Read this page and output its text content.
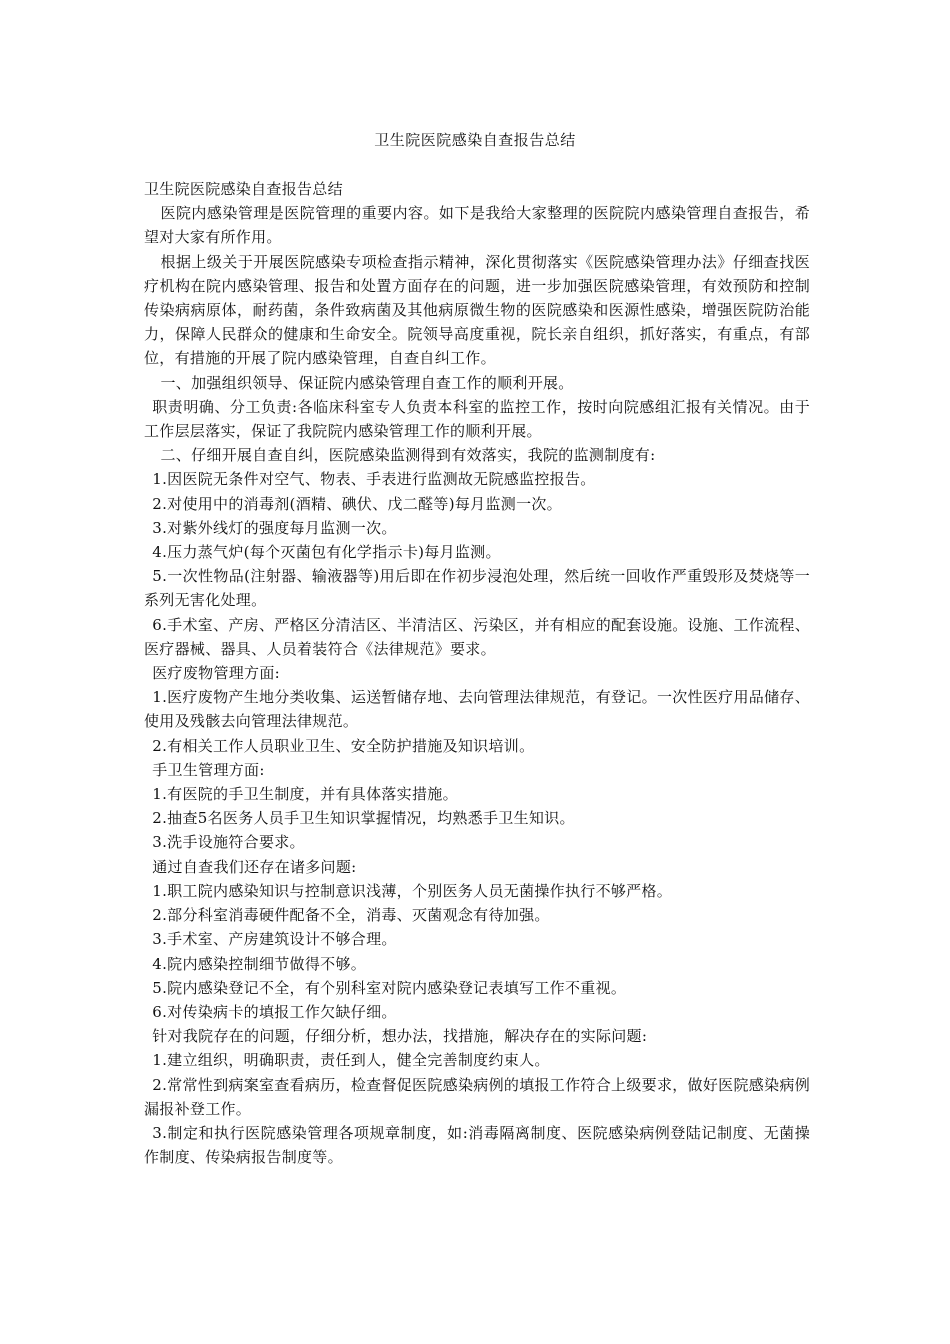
卫生院医院感染自查报告总结

卫生院医院感染自查报告总结

医院内感染管理是医院管理的重要内容。如下是我给大家整理的医院院内感染管理自查报告，希望对大家有所作用。

根据上级关于开展医院感染专项检查指示精神，深化贯彻落实《医院感染管理办法》仔细查找医疗机构在院内感染管理、报告和处置方面存在的问题，进一步加强医院感染管理，有效预防和控制传染病病原体，耐药菌，条件致病菌及其他病原微生物的医院感染和医源性感染，增强医院防治能力，保障人民群众的健康和生命安全。院领导高度重视，院长亲自组织，抓好落实，有重点，有部位，有措施的开展了院内感染管理，自查自纠工作。

一、加强组织领导、保证院内感染管理自查工作的顺利开展。

职责明确、分工负责:各临床科室专人负责本科室的监控工作，按时向院感组汇报有关情况。由于工作层层落实，保证了我院院内感染管理工作的顺利开展。

二、仔细开展自查自纠，医院感染监测得到有效落实，我院的监测制度有:

1.因医院无条件对空气、物表、手表进行监测故无院感监控报告。

2.对使用中的消毒剂(酒精、碘伏、戊二醛等)每月监测一次。

3.对紫外线灯的强度每月监测一次。

4.压力蒸气炉(每个灭菌包有化学指示卡)每月监测。

5.一次性物品(注射器、输液器等)用后即在作初步浸泡处理，然后统一回收作严重毁形及焚烧等一系列无害化处理。

6.手术室、产房、严格区分清洁区、半清洁区、污染区，并有相应的配套设施。设施、工作流程、医疗器械、器具、人员着装符合《法律规范》要求。

医疗废物管理方面:

1.医疗废物产生地分类收集、运送暂储存地、去向管理法律规范，有登记。一次性医疗用品储存、使用及残骸去向管理法律规范。

2.有相关工作人员职业卫生、安全防护措施及知识培训。

手卫生管理方面:

1.有医院的手卫生制度，并有具体落实措施。

2.抽查5名医务人员手卫生知识掌握情况，均熟悉手卫生知识。

3.洗手设施符合要求。

通过自查我们还存在诸多问题:

1.职工院内感染知识与控制意识浅薄，个别医务人员无菌操作执行不够严格。

2.部分科室消毒硬件配备不全，消毒、灭菌观念有待加强。

3.手术室、产房建筑设计不够合理。

4.院内感染控制细节做得不够。

5.院内感染登记不全，有个别科室对院内感染登记表填写工作不重视。

6.对传染病卡的填报工作欠缺仔细。

针对我院存在的问题，仔细分析，想办法，找措施，解决存在的实际问题:

1.建立组织，明确职责，责任到人，健全完善制度约束人。

2.常常性到病案室查看病历，检查督促医院感染病例的填报工作符合上级要求，做好医院感染病例漏报补登工作。

3.制定和执行医院感染管理各项规章制度，如:消毒隔离制度、医院感染病例登陆记制度、无菌操作制度、传染病报告制度等。
